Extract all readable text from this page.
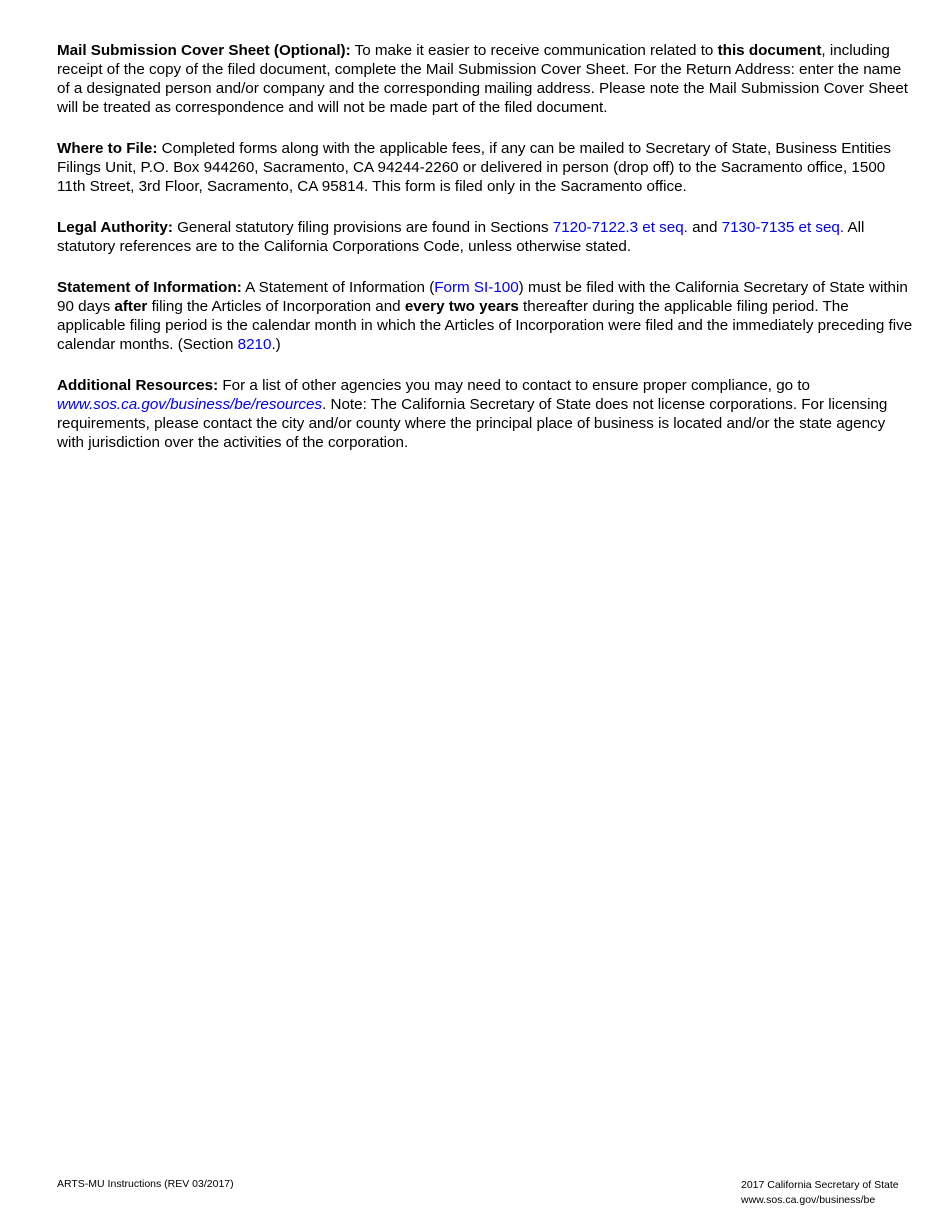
Mail Submission Cover Sheet (Optional): To make it easier to receive communication related to this document, including receipt of the copy of the filed document, complete the Mail Submission Cover Sheet. For the Return Address: enter the name of a designated person and/or company and the corresponding mailing address. Please note the Mail Submission Cover Sheet will be treated as correspondence and will not be made part of the filed document.

Where to File: Completed forms along with the applicable fees, if any can be mailed to Secretary of State, Business Entities Filings Unit, P.O. Box 944260, Sacramento, CA 94244-2260 or delivered in person (drop off) to the Sacramento office, 1500 11th Street, 3rd Floor, Sacramento, CA 95814. This form is filed only in the Sacramento office.

Legal Authority: General statutory filing provisions are found in Sections 7120-7122.3 et seq. and 7130-7135 et seq. All statutory references are to the California Corporations Code, unless otherwise stated.

Statement of Information: A Statement of Information (Form SI-100) must be filed with the California Secretary of State within 90 days after filing the Articles of Incorporation and every two years thereafter during the applicable filing period. The applicable filing period is the calendar month in which the Articles of Incorporation were filed and the immediately preceding five calendar months. (Section 8210.)

Additional Resources: For a list of other agencies you may need to contact to ensure proper compliance, go to www.sos.ca.gov/business/be/resources. Note: The California Secretary of State does not license corporations. For licensing requirements, please contact the city and/or county where the principal place of business is located and/or the state agency with jurisdiction over the activities of the corporation.

ARTS-MU Instructions (REV 03/2017)	2017 California Secretary of State
www.sos.ca.gov/business/be
